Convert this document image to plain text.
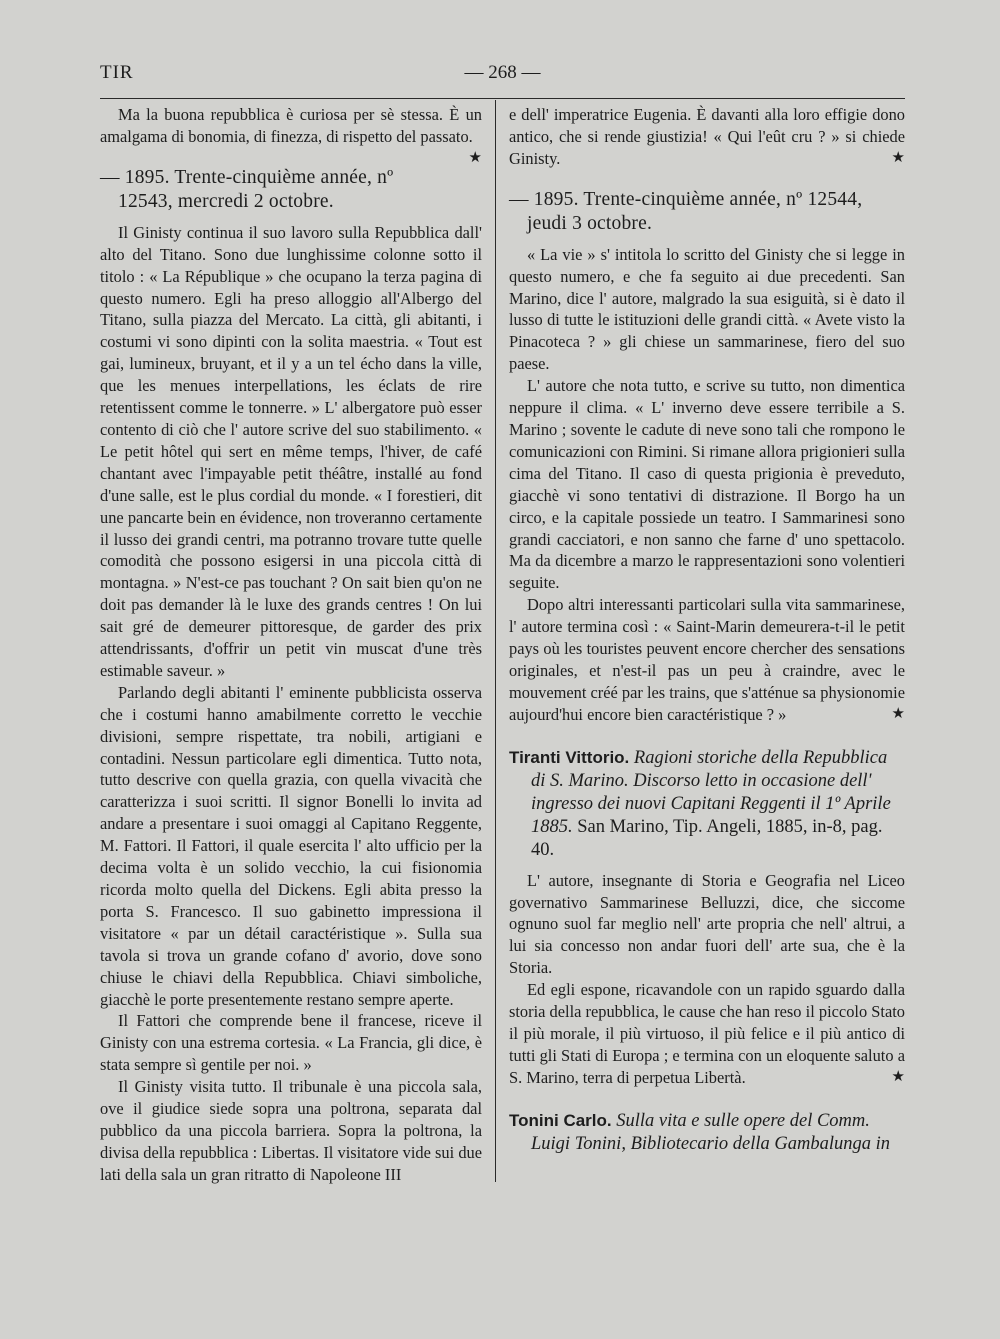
TIR	— 268 —

Ma la buona repubblica è curiosa per sè stessa. È un amalgama di bonomia, di finezza, di rispetto del passato.
★

— 1895. Trente-cinquième année, nº 12543, mercredi 2 octobre.

Il Ginisty continua il suo lavoro sulla Repubblica dall' alto del Titano. Sono due lunghissime colonne sotto il titolo : « La République » che ocupano la terza pagina di questo numero. Egli ha preso alloggio all'Albergo del Titano, sulla piazza del Mercato. La città, gli abitanti, i costumi vi sono dipinti con la solita maestria. « Tout est gai, lumineux, bruyant, et il y a un tel écho dans la ville, que les menues interpellations, les éclats de rire retentissent comme le tonnerre. » L' albergatore può esser contento di ciò che l' autore scrive del suo stabilimento. « Le petit hôtel qui sert en même temps, l'hiver, de café chantant avec l'impayable petit théâtre, installé au fond d'une salle, est le plus cordial du monde. « I forestieri, dit une pancarte bein en évidence, non troveranno certamente il lusso dei grandi centri, ma potranno trovare tutte quelle comodità che possono esigersi in una piccola città di montagna. » N'est-ce pas touchant ? On sait bien qu'on ne doit pas demander là le luxe des grands centres ! On lui sait gré de demeurer pittoresque, de garder des prix attendrissants, d'offrir un petit vin muscat d'une très estimable saveur. »

Parlando degli abitanti l' eminente pubblicista osserva che i costumi hanno amabilmente corretto le vecchie divisioni, sempre rispettate, tra nobili, artigiani e contadini. Nessun particolare egli dimentica. Tutto nota, tutto descrive con quella grazia, con quella vivacità che caratterizza i suoi scritti. Il signor Bonelli lo invita ad andare a presentare i suoi omaggi al Capitano Reggente, M. Fattori. Il Fattori, il quale esercita l' alto ufficio per la decima volta è un solido vecchio, la cui fisionomia ricorda molto quella del Dickens. Egli abita presso la porta S. Francesco. Il suo gabinetto impressiona il visitatore « par un détail caractéristique ». Sulla sua tavola si trova un grande cofano d' avorio, dove sono chiuse le chiavi della Repubblica. Chiavi simboliche, giacchè le porte presentemente restano sempre aperte.

Il Fattori che comprende bene il francese, riceve il Ginisty con una estrema cortesia. « La Francia, gli dice, è stata sempre sì gentile per noi. »

Il Ginisty visita tutto. Il tribunale è una piccola sala, ove il giudice siede sopra una poltrona, separata dal pubblico da una piccola barriera. Sopra la poltrona, la divisa della repubblica : Libertas. Il visitatore vide sui due lati della sala un gran ritratto di Napoleone III

e dell' imperatrice Eugenia. È davanti alla loro effigie dono antico, che si rende giustizia! « Qui l'eût cru ? » si chiede Ginisty.	★

— 1895. Trente-cinquième année, nº 12544, jeudi 3 octobre.

« La vie » s' intitola lo scritto del Ginisty che si legge in questo numero, e che fa seguito ai due precedenti. San Marino, dice l' autore, malgrado la sua esiguità, si è dato il lusso di tutte le istituzioni delle grandi città. « Avete visto la Pinacoteca ? » gli chiese un sammarinese, fiero del suo paese.

L' autore che nota tutto, e scrive su tutto, non dimentica neppure il clima. « L' inverno deve essere terribile a S. Marino ; sovente le cadute di neve sono tali che rompono le comunicazioni con Rimini. Si rimane allora prigionieri sulla cima del Titano. Il caso di questa prigionia è preveduto, giacchè vi sono tentativi di distrazione. Il Borgo ha un circo, e la capitale possiede un teatro. I Sammarinesi sono grandi cacciatori, e non sanno che farne d' uno spettacolo. Ma da dicembre a marzo le rappresentazioni sono volentieri seguite.

Dopo altri interessanti particolari sulla vita sammarinese, l' autore termina così : « Saint-Marin demeurera-t-il le petit pays où les touristes peuvent encore chercher des sensations originales, et n'est-il pas un peu à craindre, avec le mouvement créé par les trains, que s'atténue sa physionomie aujourd'hui encore bien caractéristique ? »	★

Tiranti Vittorio. Ragioni storiche della Repubblica di S. Marino. Discorso letto in occasione dell' ingresso dei nuovi Capitani Reggenti il 1º Aprile 1885. San Marino, Tip. Angeli, 1885, in-8, pag. 40.

L' autore, insegnante di Storia e Geografia nel Liceo governativo Sammarinese Belluzzi, dice, che siccome ognuno suol far meglio nell' arte propria che nell' altrui, a lui sia concesso non andar fuori dell' arte sua, che è la Storia.

Ed egli espone, ricavandole con un rapido sguardo dalla storia della repubblica, le cause che han reso il piccolo Stato il più morale, il più virtuoso, il più felice e il più antico di tutti gli Stati di Europa ; e termina con un eloquente saluto a S. Marino, terra di perpetua Libertà.	★

Tonini Carlo. Sulla vita e sulle opere del Comm. Luigi Tonini, Bibliotecario della Gambalunga in
